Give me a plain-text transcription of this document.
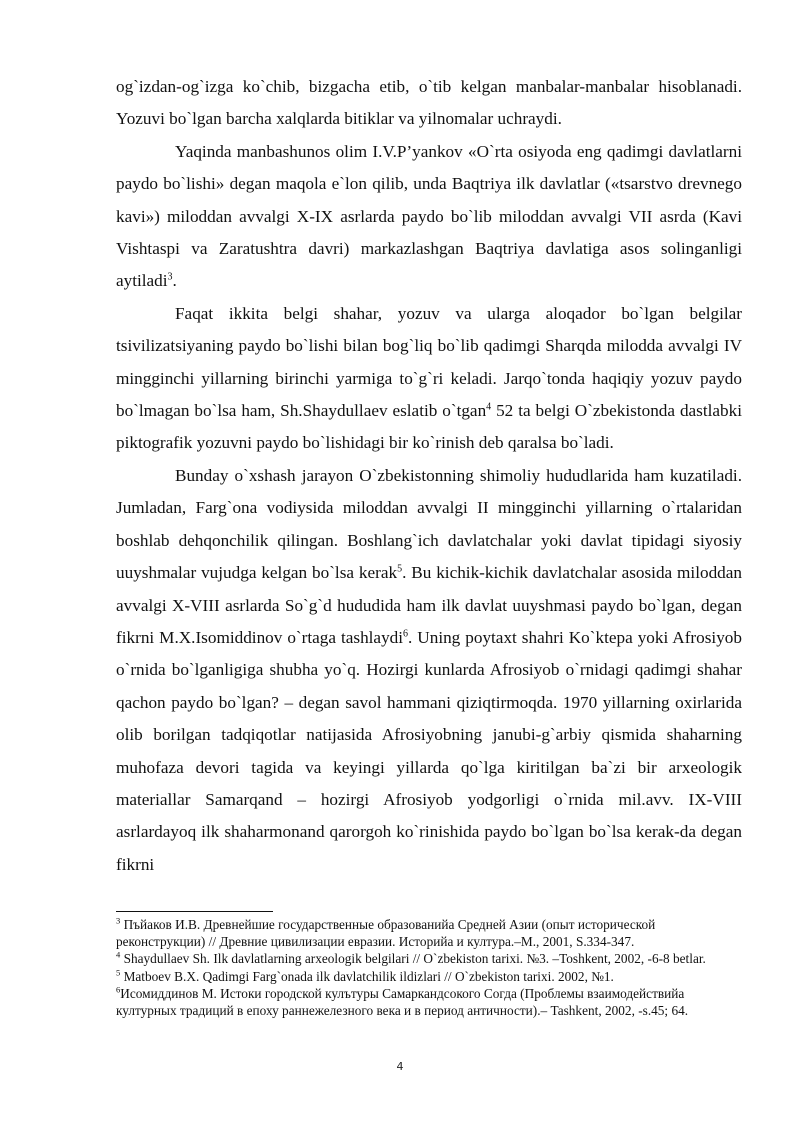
og`izdan-og`izga ko`chib, bizgacha etib, o`tib kelgan manbalar-manbalar hisoblanadi. Yozuvi bo`lgan barcha xalqlarda bitiklar va yilnomalar uchraydi.

Yaqinda manbashunos olim I.V.P’yankov «O`rta osiyoda eng qadimgi davlatlarni paydo bo`lishi» degan maqola e`lon qilib, unda Baqtriya ilk davlatlar («tsarstvo drevnego kavi») miloddan avvalgi X-IX asrlarda paydo bo`lib miloddan avvalgi VII asrda (Kavi Vishtaspi va Zaratushtra davri) markazlashgan Baqtriya davlatiga asos solinganligi aytiladi$^3$.

Faqat ikkita belgi shahar, yozuv va ularga aloqador bo`lgan belgilar tsivilizatsiyaning paydo bo`lishi bilan bog`liq bo`lib qadimgi Sharqda milodda avvalgi IV mingginchi yillarning birinchi yarmiga to`g`ri keladi. Jarqo`tonda haqiqiy yozuv paydo bo`lmagan bo`lsa ham, Sh.Shaydullaev eslatib o`tgan$^4$ 52 ta belgi O`zbekistonda dastlabki piktografik yozuvni paydo bo`lishidagi bir ko`rinish deb qaralsa bo`ladi.

Bunday o`xshash jarayon O`zbekistonning shimoliy hududlarida ham kuzatiladi. Jumladan, Farg`ona vodiysida miloddan avvalgi II mingginchi yillarning o`rtalaridan boshlab dehqonchilik qilingan. Boshlang`ich davlatchalar yoki davlat tipidagi siyosiy uuyshmalar vujudga kelgan bo`lsa kerak$^5$. Bu kichik-kichik davlatchalar asosida miloddan avvalgi X-VIII asrlarda So`g`d hududida ham ilk davlat uuyshmasi paydo bo`lgan, degan fikrni M.X.Isomiddinov o`rtaga tashlaydi$^6$. Uning poytaxt shahri Ko`ktepa yoki Afrosiyob o`rnida bo`lganligiga shubha yo`q. Hozirgi kunlarda Afrosiyob o`rnidagi qadimgi shahar qachon paydo bo`lgan? – degan savol hammani qiziqtirmoqda. 1970 yillarning oxirlarida olib borilgan tadqiqotlar natijasida Afrosiyobning janubi-g`arbiy qismida shaharning muhofaza devori tagida va keyingi yillarda qo`lga kiritilgan ba`zi bir arxeologik materiallar Samarqand – hozirgi Afrosiyob yodgorligi o`rnida mil.avv. IX-VIII asrlardayoq ilk shaharmonand qarorgoh ko`rinishida paydo bo`lgan bo`lsa kerak-da degan fikrni

$^3$ Пъйаков И.В. Древнейшие государственные образованийа Средней Азии (опыт исторической реконструкции) // Древние цивилизации евразии. Историйа и културa.–М., 2001, S.334-347.
$^4$ Shaydullaev Sh. Ilk davlatlarning arxeologik belgilari // O`zbekiston tarixi. №3. –Toshkent, 2002, -6-8 betlar.
$^5$ Matboev B.X. Qadimgi Farg`onada ilk davlatchilik ildizlari // O`zbekiston tarixi. 2002, №1.
$^6$Исомиддинов М. Истоки городской кулътуры Самаркандсокого Согда (Проблемы взаимодействийа културных традиций в епоху раннежелезного века и в период античности).– Tashkent, 2002, -s.45; 64.
4
